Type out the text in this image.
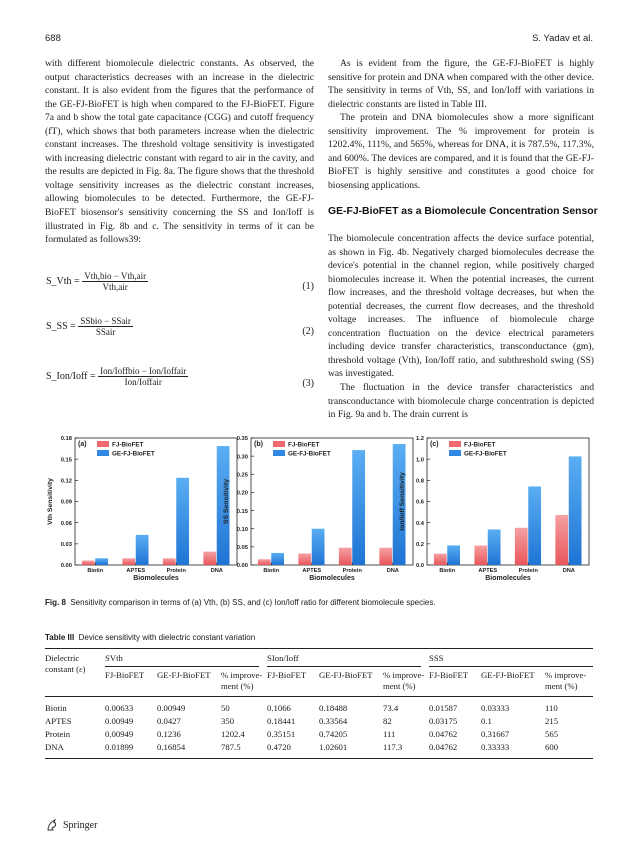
688	S. Yadav et al.

with different biomolecule dielectric constants. As observed, the output characteristics decreases with an increase in the dielectric constant. It is also evident from the figures that the performance of the GE-FJ-BioFET is high when compared to the FJ-BioFET. Figure 7a and b show the total gate capacitance (CGG) and cutoff frequency (fT), which shows that both parameters increase when the dielectric constant increases. The threshold voltage sensitivity is investigated with increasing dielectric constant with regard to air in the cavity, and the results are depicted in Fig. 8a. The figure shows that the threshold voltage sensitivity increases as the dielectric constant increases, allowing biomolecules to be detected. Furthermore, the GE-FJ-BioFET biosensor's sensitivity concerning the SS and Ion/Ioff is illustrated in Fig. 8b and c. The sensitivity in terms of it can be formulated as follows39:

S_Vth = $\frac{\text{Vth,bio − Vth,air}}{\text{Vth,air}}$	(1)
S_SS = $\frac{\text{SSbio − SSair}}{\text{SSair}}$	(2)
S_Ion/Ioff = $\frac{\text{Ion/Ioffbio − Ion/Ioffair}}{\text{Ion/Ioffair}}$	(3)

As is evident from the figure, the GE-FJ-BioFET is highly sensitive for protein and DNA when compared with the other device. The sensitivity in terms of Vth, SS, and Ion/Ioff with variations in dielectric constants are listed in Table III.

The protein and DNA biomolecules show a more significant sensitivity improvement. The % improvement for protein is 1202.4%, 111%, and 565%, whereas for DNA, it is 787.5%, 117.3%, and 600%. The devices are compared, and it is found that the GE-FJ-BioFET is highly sensitive and constitutes a good choice for biosensing applications.

GE-FJ-BioFET as a Biomolecule Concentration Sensor

The biomolecule concentration affects the device surface potential, as shown in Fig. 4b. Negatively charged biomolecules decrease the device's potential in the channel region, while positively charged biomolecules increase it. When the potential increases, the current flow increases, and the threshold voltage decreases, but when the potential decreases, the current flow decreases, and the threshold voltage increases. The influence of biomolecule charge concentration fluctuation on the device electrical parameters including device transfer characteristics, transconductance (gm), threshold voltage (Vth), Ion/Ioff ratio, and subthreshold swing (SS) was investigated.

The fluctuation in the device transfer characteristics and transconductance with biomolecule charge concentration is depicted in Fig. 9a and b. The drain current is

0.00
0.03
0.06
0.09
0.12
0.15
0.18
Vth Sensitivity
Biotin	APTES	Protein	DNA
Biomolecules
(a)	FJ-BioFET
GE-FJ-BioFET
0.00
0.05
0.10
0.15
0.20
0.25
0.30
0.35
SS Sensitivity
Biotin	APTES	Protein	DNA
Biomolecules
(b)	FJ-BioFET
GE-FJ-BioFET
0.0
0.2
0.4
0.6
0.8
1.0
1.2
Ion/Ioff Sensitivity
Biotin	APTES	Protein	DNA
Biomolecules
(c)	FJ-BioFET
GE-FJ-BioFET
Fig. 8 Sensitivity comparison in terms of (a) Vth, (b) SS, and (c) Ion/Ioff ratio for different biomolecule species.
Table III Device sensitivity with dielectric constant variation
Dielectric constant (ε)	SVth			SIon/Ioff			SSS		

	FJ-BioFET	GE-FJ-BioFET	% improve- ment (%)	FJ-BioFET	GE-FJ-BioFET	% improve- ment (%)	FJ-BioFET	GE-FJ-BioFET	% improve- ment (%)
Biotin	0.00633	0.00949	50	0.1066	0.18488	73.4	0.01587	0.03333	110
APTES	0.00949	0.0427	350	0.18441	0.33564	82	0.03175	0.1	215
Protein	0.00949	0.1236	1202.4	0.35151	0.74205	111	0.04762	0.31667	565
DNA	0.01899	0.16854	787.5	0.4720	1.02601	117.3	0.04762	0.33333	600
Springer
